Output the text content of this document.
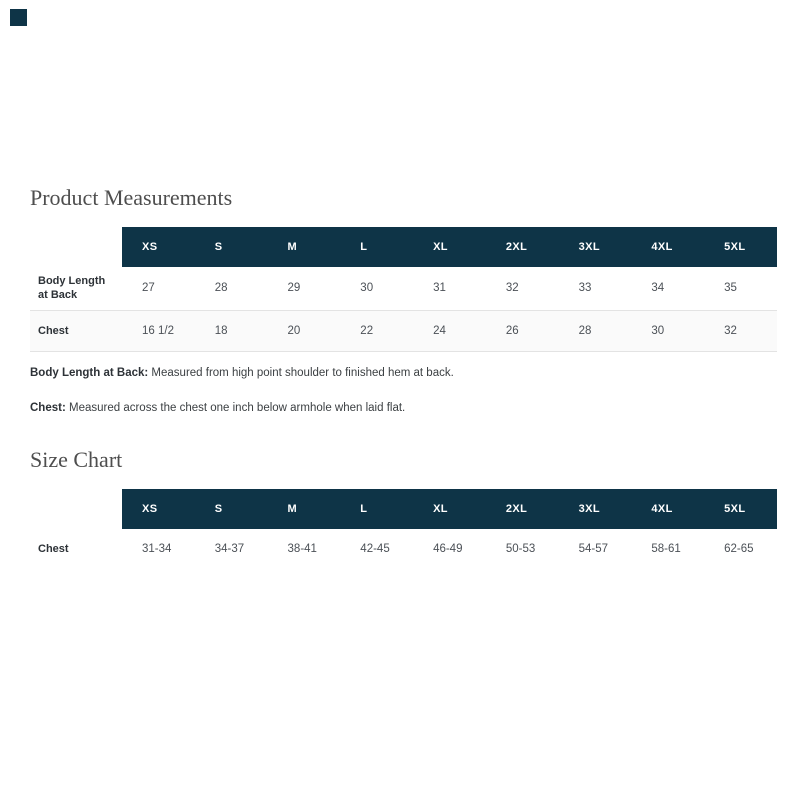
Product Measurements
	XS	S	M	L	XL	2XL	3XL	4XL	5XL
Body Length at Back	27	28	29	30	31	32	33	34	35
Chest	16 1/2	18	20	22	24	26	28	30	32

Body Length at Back: Measured from high point shoulder to finished hem at back.

Chest: Measured across the chest one inch below armhole when laid flat.

Size Chart
	XS	S	M	L	XL	2XL	3XL	4XL	5XL
Chest	31-34	34-37	38-41	42-45	46-49	50-53	54-57	58-61	62-65
